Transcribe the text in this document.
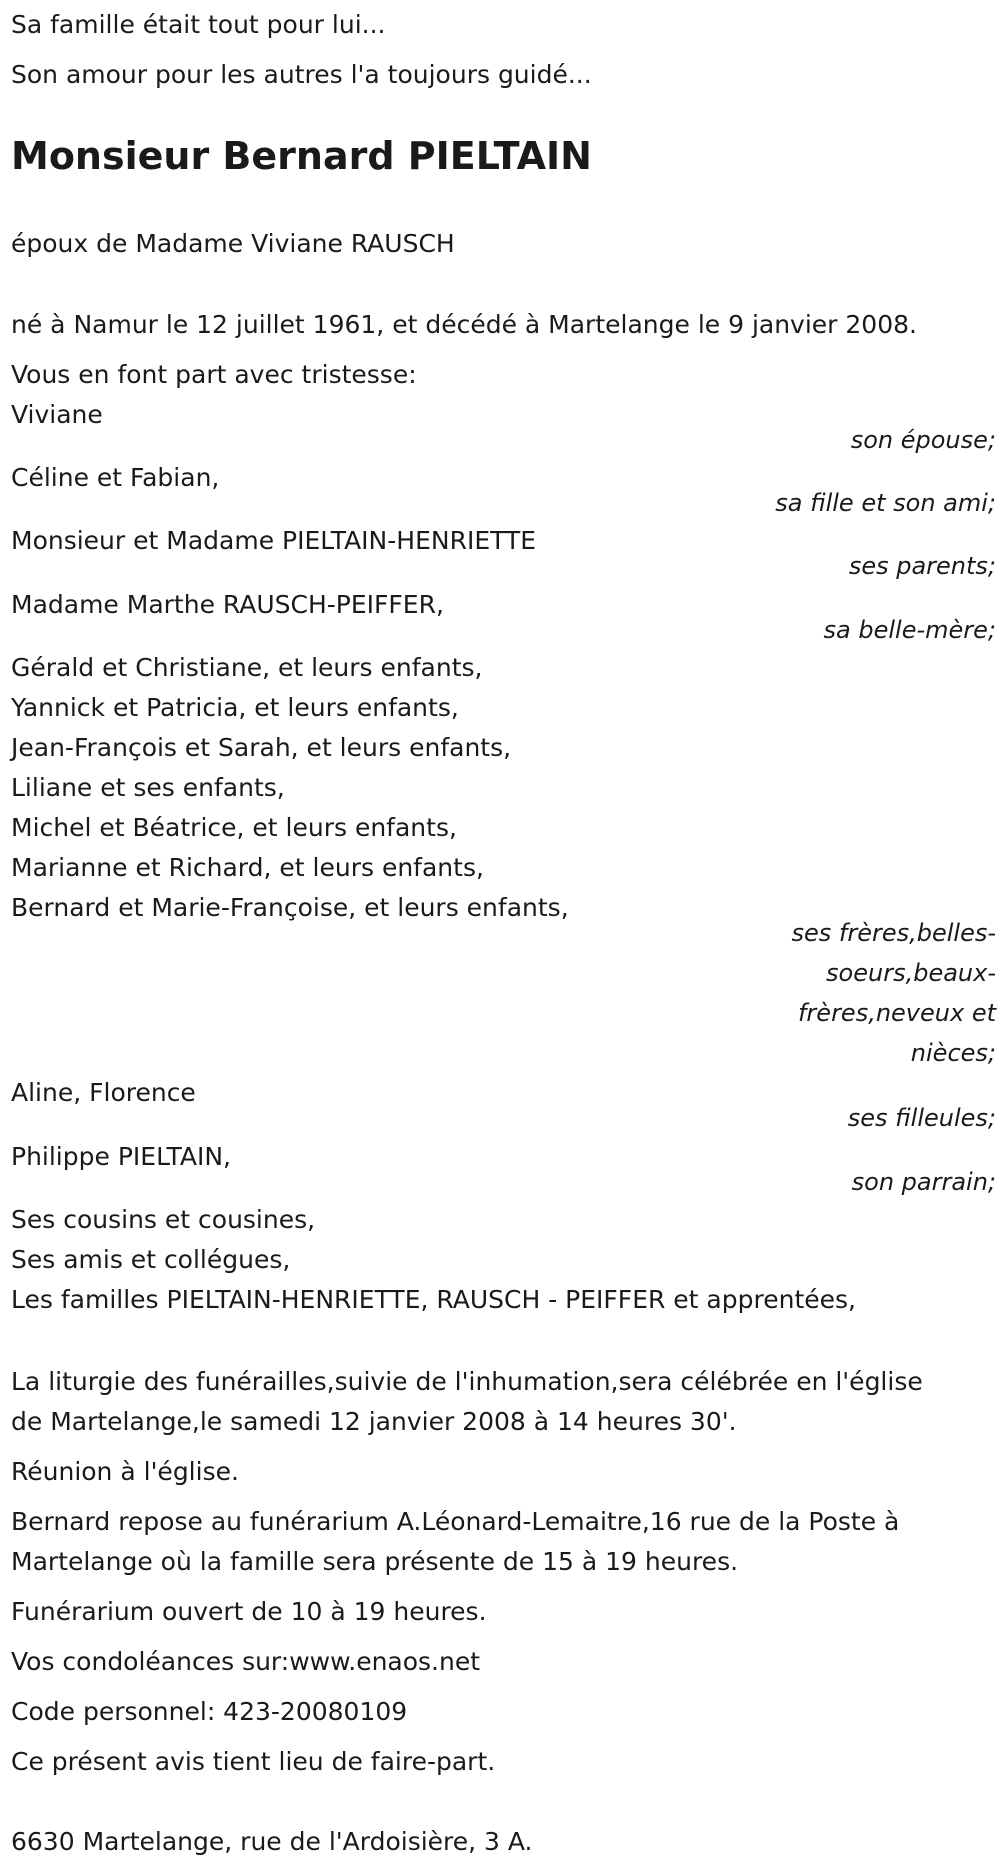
Sa famille était tout pour lui...
Son amour pour les autres l'a toujours guidé...
Monsieur Bernard PIELTAIN
époux de Madame Viviane RAUSCH
né à Namur le 12 juillet 1961, et décédé à Martelange le 9 janvier 2008.
Vous en font part avec tristesse:
Viviane
son épouse;
Céline et Fabian,
sa fille et son ami;
Monsieur et Madame PIELTAIN-HENRIETTE
ses parents;
Madame Marthe RAUSCH-PEIFFER,
sa belle-mère;
Gérald et Christiane, et leurs enfants,
Yannick et Patricia, et leurs enfants,
Jean-François et Sarah, et leurs enfants,
Liliane et ses enfants,
Michel et Béatrice, et leurs enfants,
Marianne et Richard, et leurs enfants,
Bernard et Marie-Françoise, et leurs enfants,
ses frères,belles-
soeurs,beaux-
frères,neveux et
nièces;
Aline, Florence
ses filleules;
Philippe PIELTAIN,
son parrain;
Ses cousins et cousines,
Ses amis et collégues,
Les familles PIELTAIN-HENRIETTE, RAUSCH - PEIFFER et apprentées,
La liturgie des funérailles,suivie de l'inhumation,sera célébrée en l'église
de Martelange,le samedi 12 janvier 2008 à 14 heures 30'.
Réunion à l'église.
Bernard repose au funérarium A.Léonard-Lemaitre,16 rue de la Poste à
Martelange où la famille sera présente de 15 à 19 heures.
Funérarium ouvert de 10 à 19 heures.
Vos condoléances sur:www.enaos.net
Code personnel: 423-20080109
Ce présent avis tient lieu de faire-part.
6630 Martelange, rue de l'Ardoisière, 3 A.
